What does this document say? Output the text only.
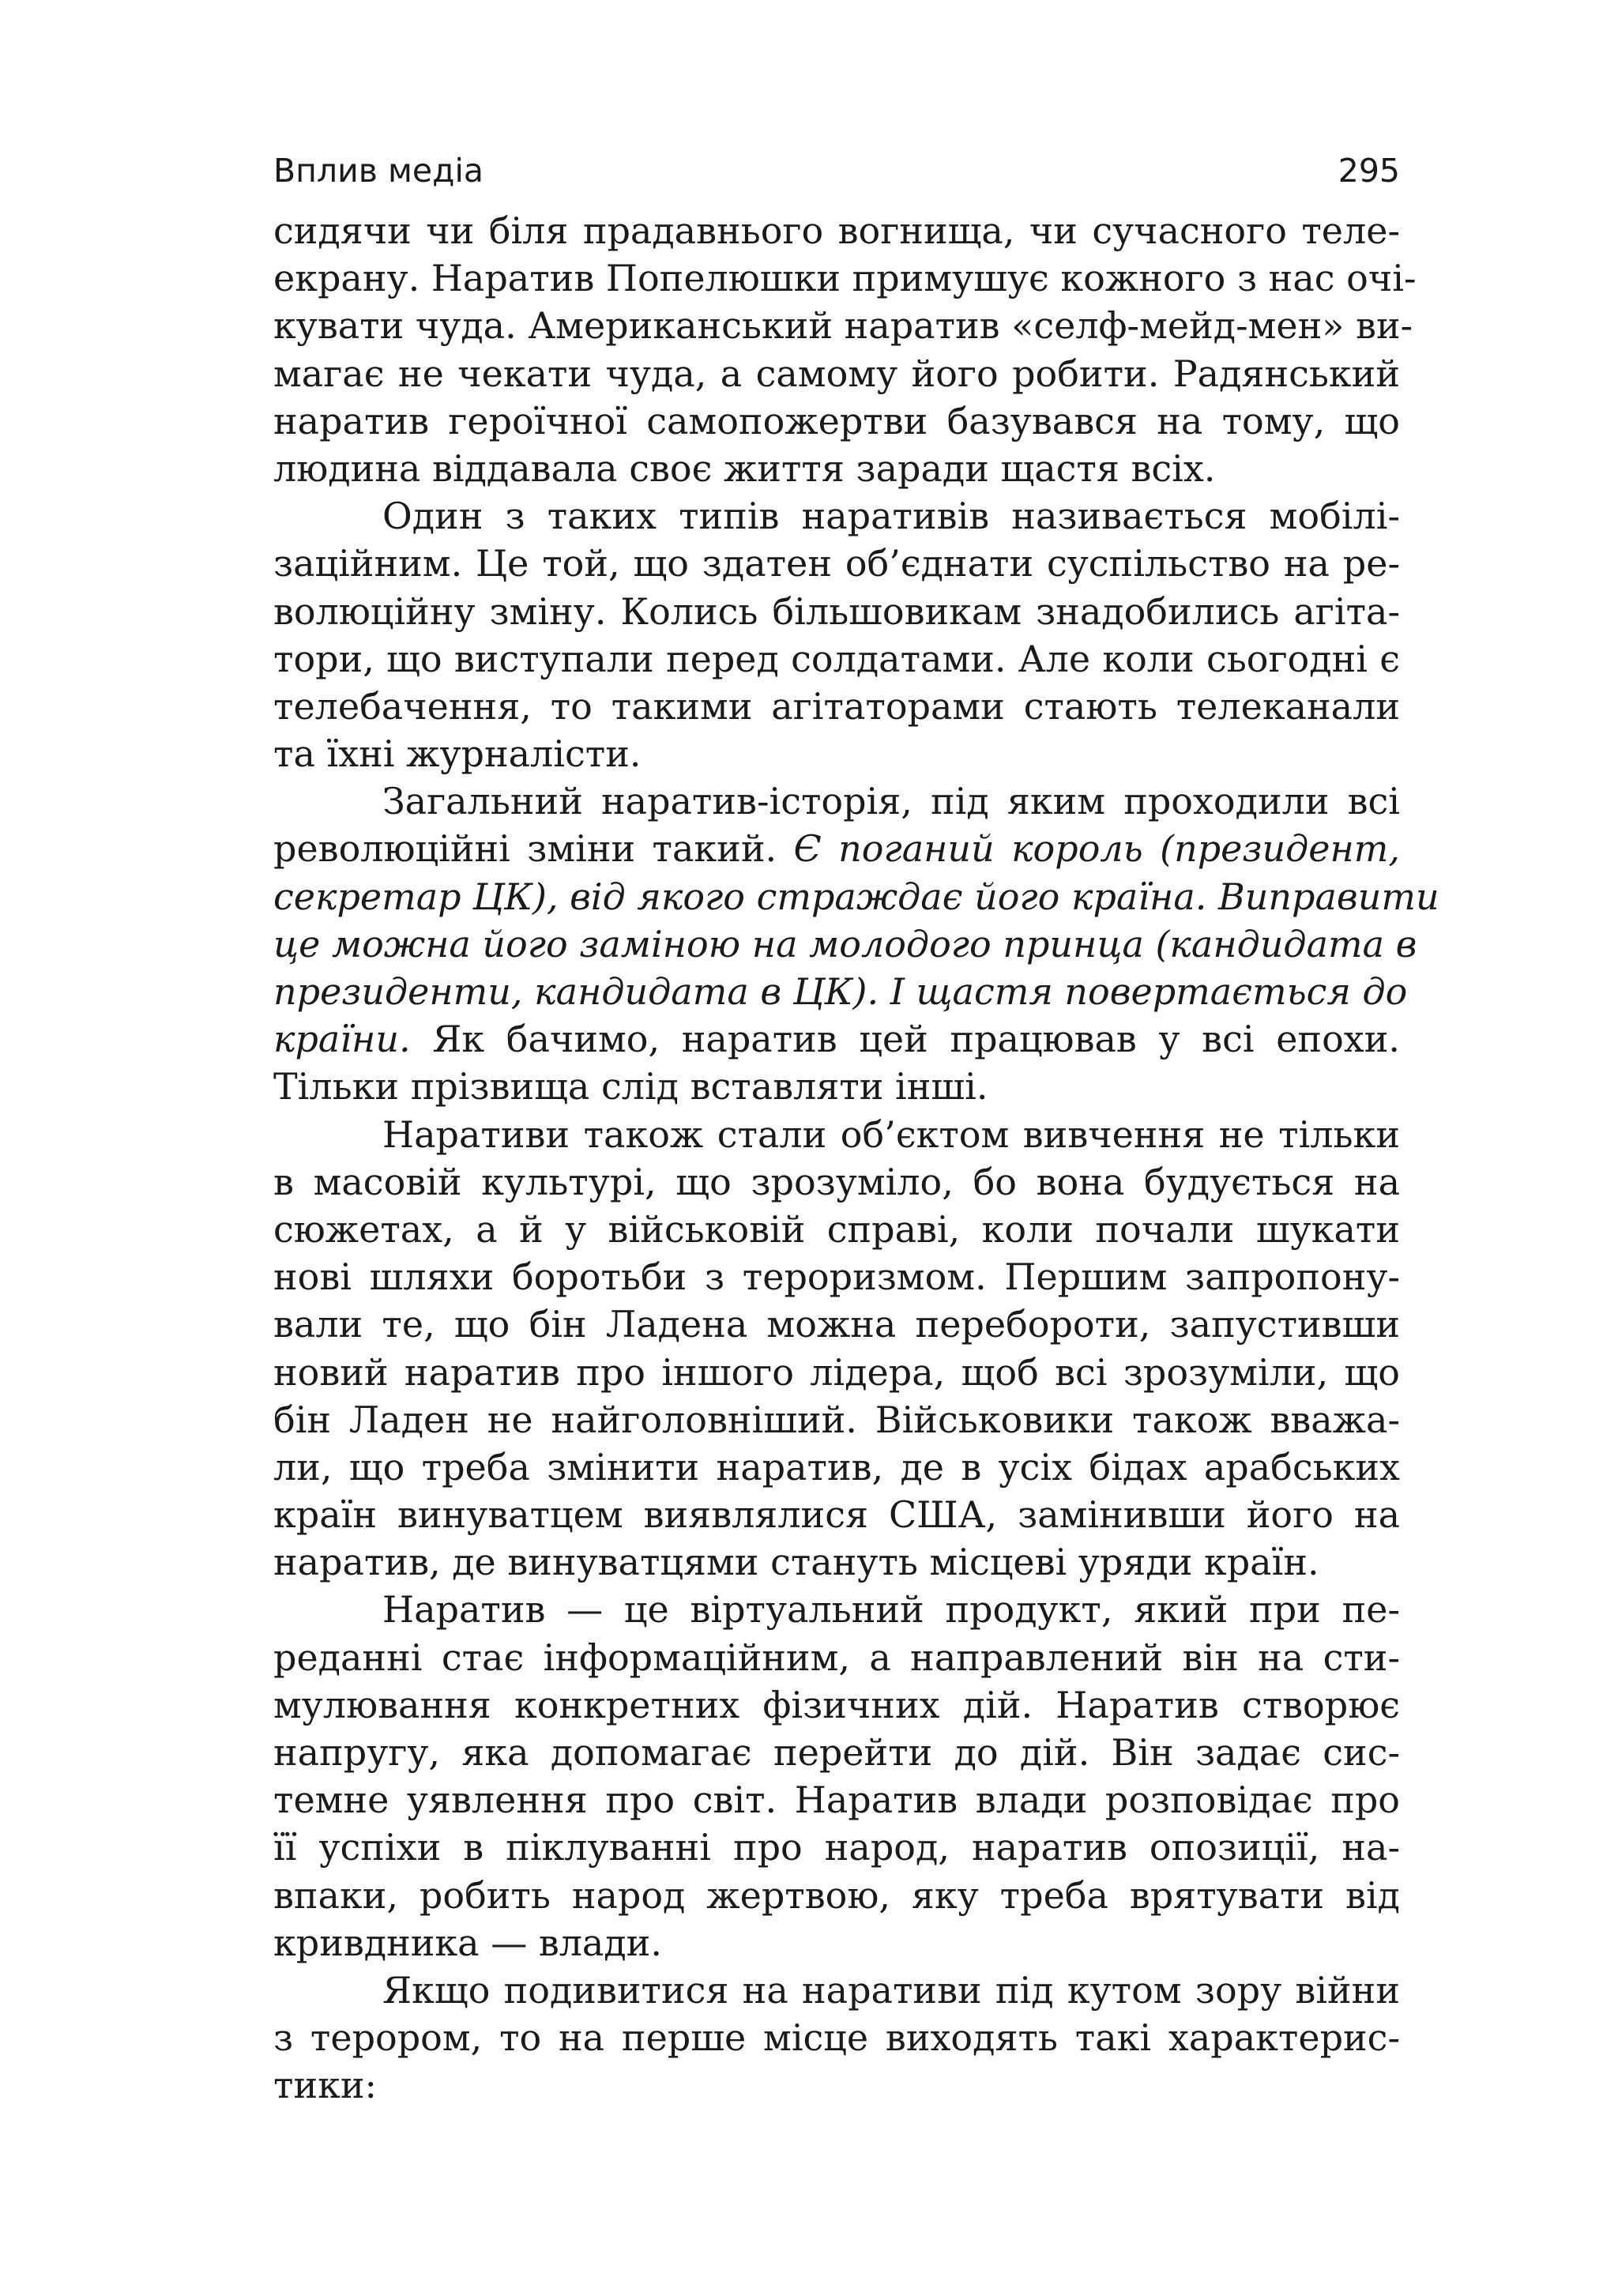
Вплив медіа	295
сидячи чи біля прадавнього вогнища, чи сучасного теле-
екрану. Наратив Попелюшки примушує кожного з нас очі-
кувати чуда. Американський наратив «селф-мейд-мен» ви-
магає не чекати чуда, а самому його робити. Радянський
наратив героїчної самопожертви базувався на тому, що
людина віддавала своє життя заради щастя всіх.
Один з таких типів наративів називається мобілі-
заційним. Це той, що здатен об’єднати суспільство на ре-
волюційну зміну. Колись більшовикам знадобились агіта-
тори, що виступали перед солдатами. Але коли сьогодні є
телебачення, то такими агітаторами стають телеканали
та їхні журналісти.
Загальний наратив-історія, під яким проходили всі
революційні зміни такий. Є поганий король (президент,
секретар ЦК), від якого страждає його країна. Виправити
це можна його заміною на молодого принца (кандидата в
президенти, кандидата в ЦК). І щастя повертається до
країни. Як бачимо, наратив цей працював у всі епохи.
Тільки прізвища слід вставляти інші.
Наративи також стали об’єктом вивчення не тільки
в масовій культурі, що зрозуміло, бо вона будується на
сюжетах, а й у військовій справі, коли почали шукати
нові шляхи боротьби з тероризмом. Першим запропону-
вали те, що бін Ладена можна перебороти, запустивши
новий наратив про іншого лідера, щоб всі зрозуміли, що
бін Ладен не найголовніший. Військовики також вважа-
ли, що треба змінити наратив, де в усіх бідах арабських
країн винуватцем виявлялися США, замінивши його на
наратив, де винуватцями стануть місцеві уряди країн.
Наратив — це віртуальний продукт, який при пе-
реданні стає інформаційним, а направлений він на сти-
мулювання конкретних фізичних дій. Наратив створює
напругу, яка допомагає перейти до дій. Він задає сис-
темне уявлення про світ. Наратив влади розповідає про
її успіхи в піклуванні про народ, наратив опозиції, на-
впаки, робить народ жертвою, яку треба врятувати від
кривдника — влади.
Якщо подивитися на наративи під кутом зору війни
з терором, то на перше місце виходять такі характерис-
тики:
